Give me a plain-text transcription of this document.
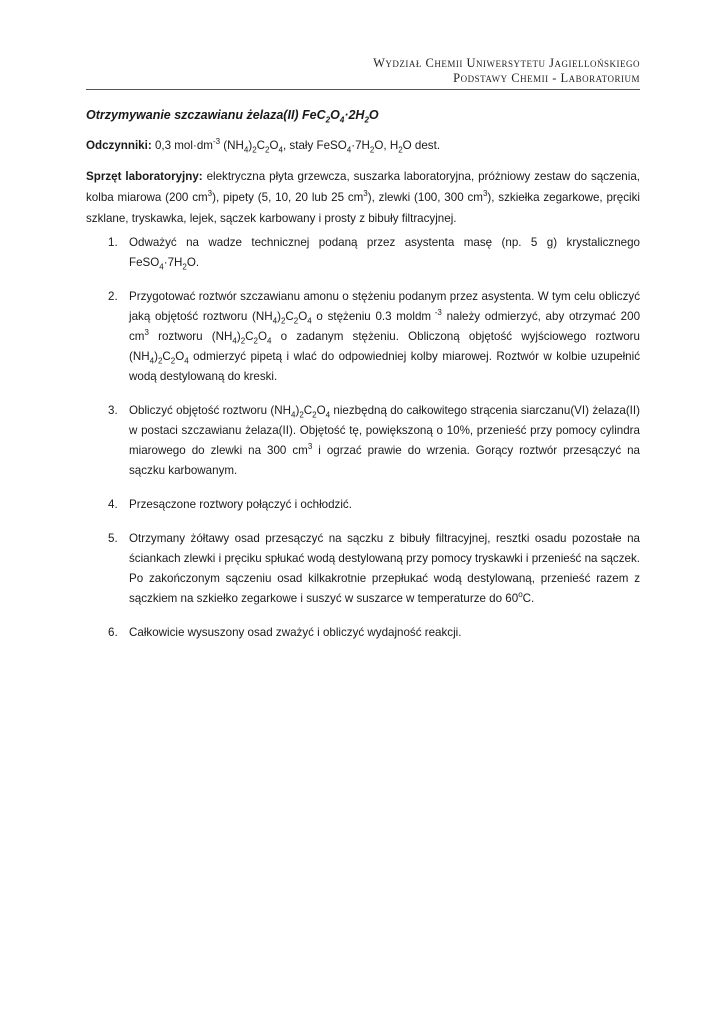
Wydział Chemii Uniwersytetu Jagiellońskiego
Podstawy Chemii - Laboratorium
Otrzymywanie szczawianu żelaza(II) $FeC_2O_4\cdot 2H_2O$
Odczynniki: 0,3 $mol\cdot dm^{-3}$ $(NH_4)_2C_2O_4$, stały $FeSO_4\cdot 7H_2O$, $H_2O$ dest.
Sprzęt laboratoryjny: elektryczna płyta grzewcza, suszarka laboratoryjna, próżniowy zestaw do sączenia, kolba miarowa (200 $cm^3$), pipety (5, 10, 20 lub 25 $cm^3$), zlewki (100, 300 $cm^3$), szkiełka zegarkowe, pręciki szklane, tryskawka, lejek, sączek karbowany i prosty z bibuły filtracyjnej.
1. Odważyć na wadze technicznej podaną przez asystenta masę (np. 5 g) krystalicznego $FeSO_4\cdot 7H_2O$.
2. Przygotować roztwór szczawianu amonu o stężeniu podanym przez asystenta. W tym celu obliczyć jaką objętość roztworu $(NH_4)_2C_2O_4$ o stężeniu 0.3 moldm $^{-3}$ należy odmierzyć, aby otrzymać 200 $cm^3$ roztworu $(NH_4)_2C_2O_4$ o zadanym stężeniu. Obliczoną objętość wyjściowego roztworu $(NH_4)_2C_2O_4$ odmierzyć pipetą i wlać do odpowiedniej kolby miarowej. Roztwór w kolbie uzupełnić wodą destylowaną do kreski.
3. Obliczyć objętość roztworu $(NH_4)_2C_2O_4$ niezbędną do całkowitego strącenia siarczanu(VI) żelaza(II) w postaci szczawianu żelaza(II). Objętość tę, powiększoną o 10%, przenieść przy pomocy cylindra miarowego do zlewki na 300 $cm^3$ i ogrzać prawie do wrzenia. Gorący roztwór przesączyć na sączku karbowanym.
4. Przesączone roztwory połączyć i ochłodzić.
5. Otrzymany żółtawy osad przesączyć na sączku z bibuły filtracyjnej, resztki osadu pozostałe na ściankach zlewki i pręciku spłukać wodą destylowaną przy pomocy tryskawki i przenieść na sączek. Po zakończonym sączeniu osad kilkakrotnie przepłukać wodą destylowaną, przenieść razem z sączkiem na szkiełko zegarkowe i suszyć w suszarce w temperaturze do 60$^o$C.
6. Całkowicie wysuszony osad zważyć i obliczyć wydajność reakcji.
